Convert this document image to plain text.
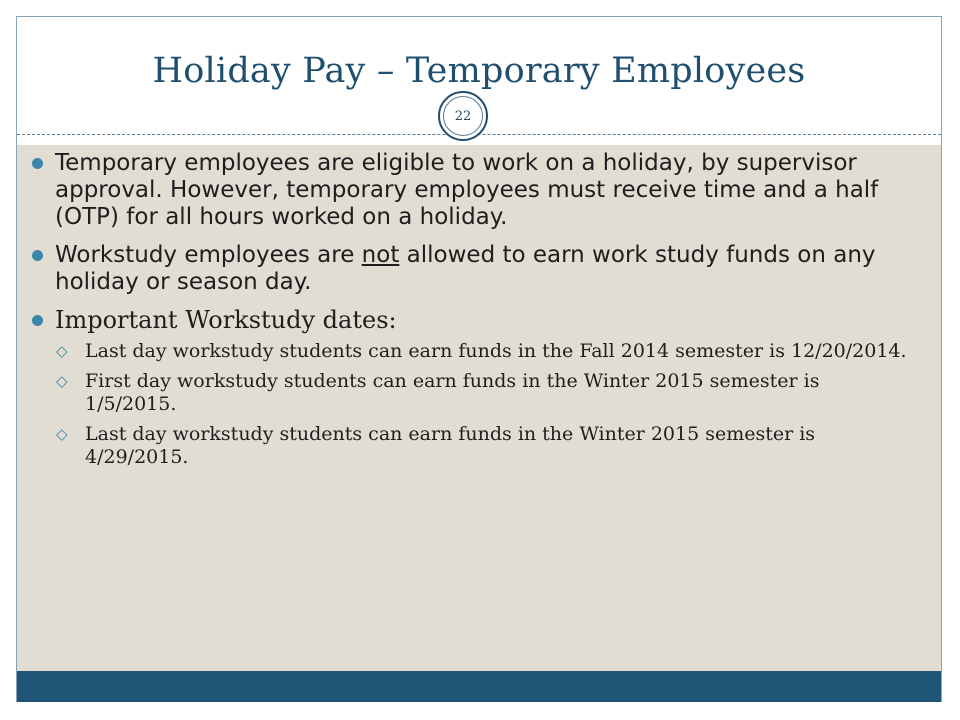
Holiday Pay – Temporary Employees
22
Temporary employees are eligible to work on a holiday, by supervisor approval. However, temporary employees must receive time and a half (OTP) for all hours worked on a holiday.
Workstudy employees are not allowed to earn work study funds on any holiday or season day.
Important Workstudy dates:
◇ Last day workstudy students can earn funds in the Fall 2014 semester is 12/20/2014.
◇ First day workstudy students can earn funds in the Winter 2015 semester is 1/5/2015.
◇ Last day workstudy students can earn funds in the Winter 2015 semester is 4/29/2015.
